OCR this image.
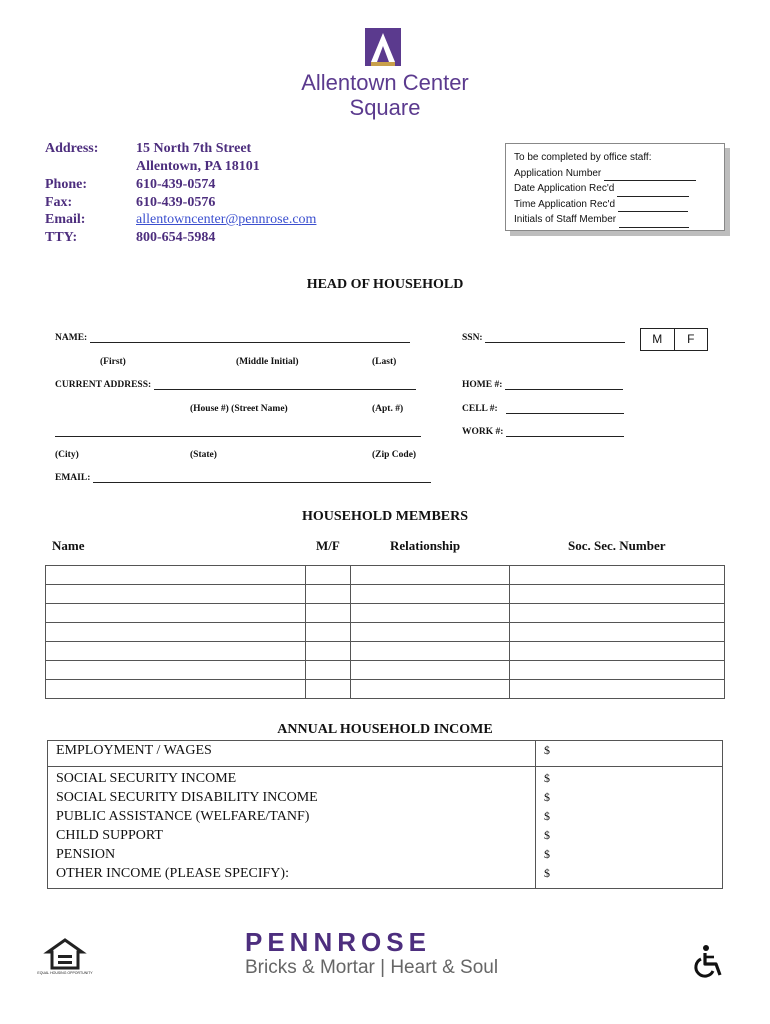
Allentown Center
Square
Address:	15 North 7th Street
Allentown, PA 18101
Phone:	610-439-0574
Fax:	610-439-0576
Email:	allentowncenter@pennrose.com
TTY:	800-654-5984
To be completed by office staff:
Application Number
Date Application Rec'd
Time Application Rec'd
Initials of Staff Member
HEAD OF HOUSEHOLD
NAME:	SSN:	M	F
(First)	(Middle Initial)	(Last)
CURRENT ADDRESS:	HOME #:
(House #) (Street Name)	(Apt. #)	CELL #:
WORK #:
(City)	(State)	(Zip Code)
EMAIL:
HOUSEHOLD MEMBERS
Name	M/F	Relationship	Soc. Sec. Number

ANNUAL HOUSEHOLD INCOME
EMPLOYMENT / WAGES	$
SOCIAL SECURITY INCOME	$
SOCIAL SECURITY DISABILITY INCOME	$
PUBLIC ASSISTANCE (WELFARE/TANF)	$
CHILD SUPPORT	$
PENSION	$
OTHER INCOME (PLEASE SPECIFY):	$
EQUAL HOUSING OPPORTUNITY
PENNROSE
Bricks & Mortar | Heart & Soul
